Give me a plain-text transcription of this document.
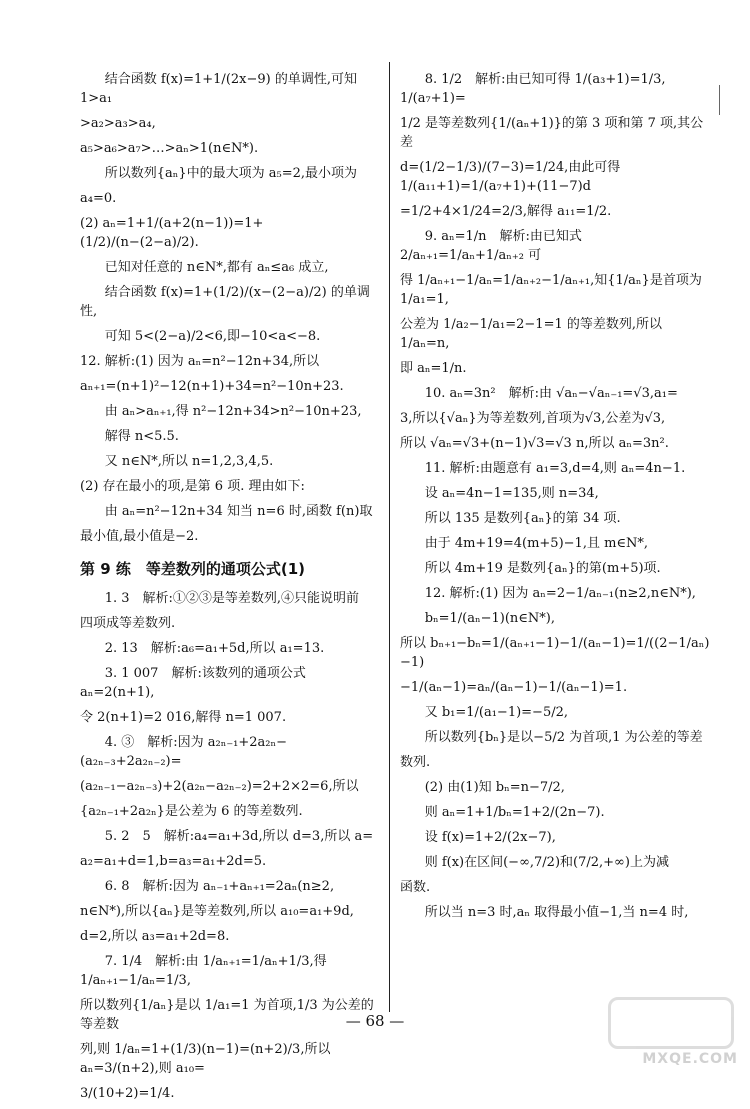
结合函数 f(x)=1+1/(2x−9) 的单调性,可知 1>a₁
>a₂>a₃>a₄,
a₅>a₆>a₇>…>aₙ>1(n∈N*).
所以数列{aₙ}中的最大项为 a₅=2,最小项为
a₄=0.
(2) aₙ=1+1/(a+2(n−1))=1+(1/2)/(n−(2−a)/2).
已知对任意的 n∈N*,都有 aₙ≤a₆ 成立,
结合函数 f(x)=1+(1/2)/(x−(2−a)/2) 的单调性,
可知 5<(2−a)/2<6,即−10<a<−8.
12. 解析:(1) 因为 aₙ=n²−12n+34,所以
aₙ₊₁=(n+1)²−12(n+1)+34=n²−10n+23.
由 aₙ>aₙ₊₁,得 n²−12n+34>n²−10n+23,
解得 n<5.5.
又 n∈N*,所以 n=1,2,3,4,5.
(2) 存在最小的项,是第 6 项. 理由如下:
由 aₙ=n²−12n+34 知当 n=6 时,函数 f(n)取
最小值,最小值是−2.
第 9 练　等差数列的通项公式(1)
1. 3　解析:①②③是等差数列,④只能说明前
四项成等差数列.
2. 13　解析:a₆=a₁+5d,所以 a₁=13.
3. 1 007　解析:该数列的通项公式 aₙ=2(n+1),
令 2(n+1)=2 016,解得 n=1 007.
4. ③　解析:因为 a₂ₙ₋₁+2a₂ₙ−(a₂ₙ₋₃+2a₂ₙ₋₂)=
(a₂ₙ₋₁−a₂ₙ₋₃)+2(a₂ₙ−a₂ₙ₋₂)=2+2×2=6,所以
{a₂ₙ₋₁+2a₂ₙ}是公差为 6 的等差数列.
5. 2　5　解析:a₄=a₁+3d,所以 d=3,所以 a=
a₂=a₁+d=1,b=a₃=a₁+2d=5.
6. 8　解析:因为 aₙ₋₁+aₙ₊₁=2aₙ(n≥2,
n∈N*),所以{aₙ}是等差数列,所以 a₁₀=a₁+9d,
d=2,所以 a₃=a₁+2d=8.
7. 1/4　解析:由 1/aₙ₊₁=1/aₙ+1/3,得 1/aₙ₊₁−1/aₙ=1/3,
所以数列{1/aₙ}是以 1/a₁=1 为首项,1/3 为公差的等差数
列,则 1/aₙ=1+(1/3)(n−1)=(n+2)/3,所以 aₙ=3/(n+2),则 a₁₀=
3/(10+2)=1/4.
8. 1/2　解析:由已知可得 1/(a₃+1)=1/3, 1/(a₇+1)=
1/2 是等差数列{1/(aₙ+1)}的第 3 项和第 7 项,其公差
d=(1/2−1/3)/(7−3)=1/24,由此可得 1/(a₁₁+1)=1/(a₇+1)+(11−7)d
=1/2+4×1/24=2/3,解得 a₁₁=1/2.
9. aₙ=1/n　解析:由已知式 2/aₙ₊₁=1/aₙ+1/aₙ₊₂ 可
得 1/aₙ₊₁−1/aₙ=1/aₙ₊₂−1/aₙ₊₁,知{1/aₙ}是首项为 1/a₁=1,
公差为 1/a₂−1/a₁=2−1=1 的等差数列,所以 1/aₙ=n,
即 aₙ=1/n.
10. aₙ=3n²　解析:由 √aₙ−√aₙ₋₁=√3,a₁=
3,所以{√aₙ}为等差数列,首项为√3,公差为√3,
所以 √aₙ=√3+(n−1)√3=√3 n,所以 aₙ=3n².
11. 解析:由题意有 a₁=3,d=4,则 aₙ=4n−1.
设 aₙ=4n−1=135,则 n=34,
所以 135 是数列{aₙ}的第 34 项.
由于 4m+19=4(m+5)−1,且 m∈N*,
所以 4m+19 是数列{aₙ}的第(m+5)项.
12. 解析:(1) 因为 aₙ=2−1/aₙ₋₁(n≥2,n∈N*),
bₙ=1/(aₙ−1)(n∈N*),
所以 bₙ₊₁−bₙ=1/(aₙ₊₁−1)−1/(aₙ−1)=1/((2−1/aₙ)−1)
−1/(aₙ−1)=aₙ/(aₙ−1)−1/(aₙ−1)=1.
又 b₁=1/(a₁−1)=−5/2,
所以数列{bₙ}是以−5/2 为首项,1 为公差的等差
数列.
(2) 由(1)知 bₙ=n−7/2,
则 aₙ=1+1/bₙ=1+2/(2n−7).
设 f(x)=1+2/(2x−7),
则 f(x)在区间(−∞,7/2)和(7/2,+∞)上为减
函数.
所以当 n=3 时,aₙ 取得最小值−1,当 n=4 时,
— 68 —
MXQE.COM
